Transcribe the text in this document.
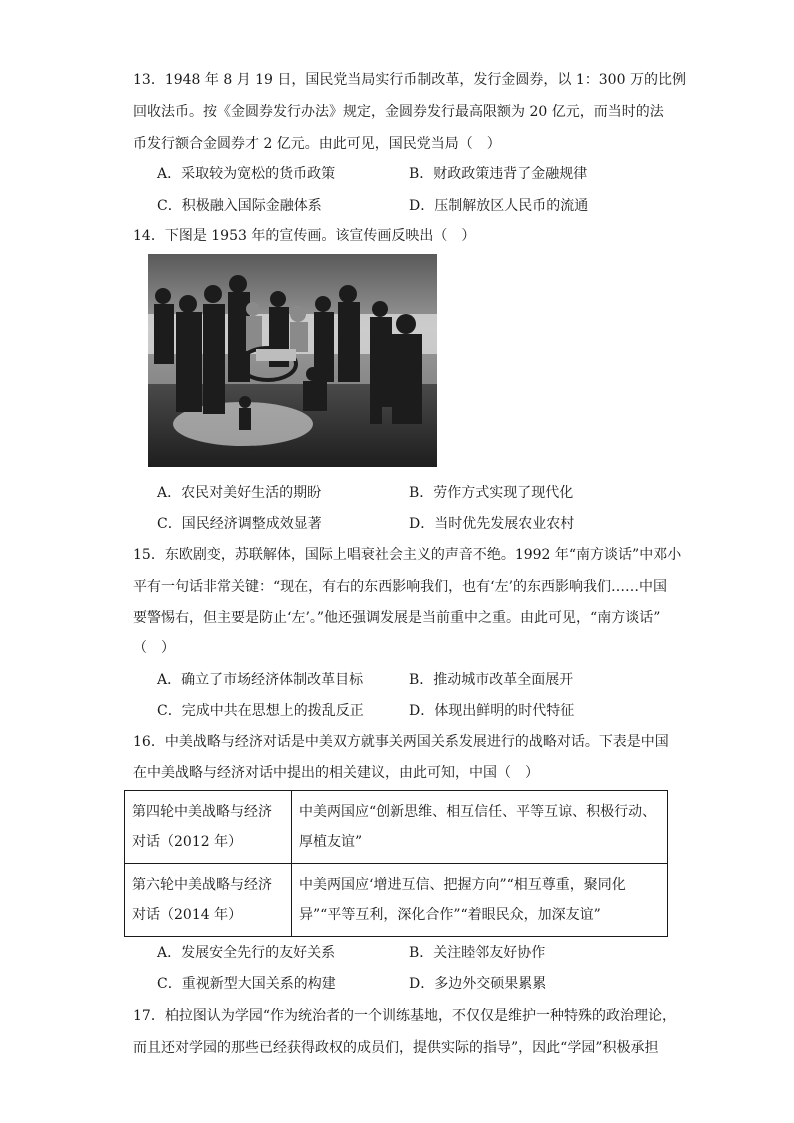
13．1948 年 8 月 19 日，国民党当局实行币制改革，发行金圆券，以 1：300 万的比例
回收法币。按《金圆券发行办法》规定，金圆券发行最高限额为 20 亿元，而当时的法
币发行额合金圆券才 2 亿元。由此可见，国民党当局（　）
A．采取较为宽松的货币政策	B．财政政策违背了金融规律
C．积极融入国际金融体系	D．压制解放区人民币的流通
14．下图是 1953 年的宣传画。该宣传画反映出（　）
A．农民对美好生活的期盼	B．劳作方式实现了现代化
C．国民经济调整成效显著	D．当时优先发展农业农村
15．东欧剧变，苏联解体，国际上唱衰社会主义的声音不绝。1992 年“南方谈话”中邓小
平有一句话非常关键：“现在，有右的东西影响我们，也有‘左’的东西影响我们……中国
要警惕右，但主要是防止‘左’。”他还强调发展是当前重中之重。由此可见，“南方谈话”
（　）
A．确立了市场经济体制改革目标	B．推动城市改革全面展开
C．完成中共在思想上的拨乱反正	D．体现出鲜明的时代特征
16．中美战略与经济对话是中美双方就事关两国关系发展进行的战略对话。下表是中国
在中美战略与经济对话中提出的相关建议，由此可知，中国（　）
第四轮中美战略与经济对话（2012 年）	中美两国应“创新思维、相互信任、平等互谅、积极行动、厚植友谊”
第六轮中美战略与经济对话（2014 年）	中美两国应‘增进互信、把握方向”“相互尊重，聚同化异”“平等互利，深化合作”“着眼民众，加深友谊”
A．发展安全先行的友好关系	B．关注睦邻友好协作
C．重视新型大国关系的构建	D．多边外交硕果累累
17．柏拉图认为学园“作为统治者的一个训练基地，不仅仅是维护一种特殊的政治理论，
而且还对学园的那些已经获得政权的成员们，提供实际的指导”，因此“学园”积极承担
